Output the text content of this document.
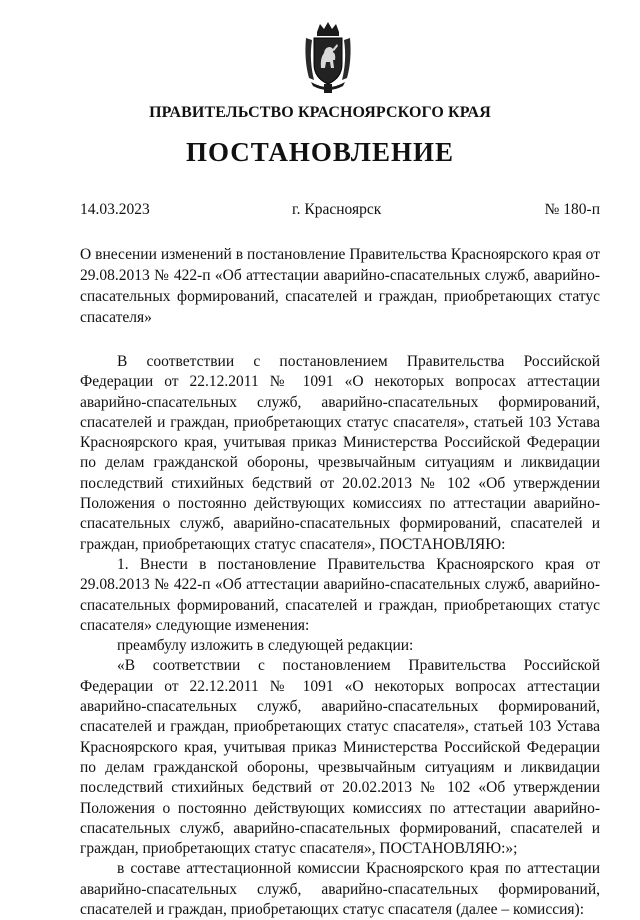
ПРАВИТЕЛЬСТВО КРАСНОЯРСКОГО КРАЯ
ПОСТАНОВЛЕНИЕ
14.03.2023	г. Красноярск	№ 180-п
О внесении изменений в постановление Правительства Красноярского края от 29.08.2013 № 422-п «Об аттестации аварийно-спасательных служб, аварийно-спасательных формирований, спасателей и граждан, приобретающих статус спасателя»

В соответствии с постановлением Правительства Российской Федерации от 22.12.2011 № 1091 «О некоторых вопросах аттестации аварийно-спасательных служб, аварийно-спасательных формирований, спасателей и граждан, приобретающих статус спасателя», статьей 103 Устава Красноярского края, учитывая приказ Министерства Российской Федерации по делам гражданской обороны, чрезвычайным ситуациям и ликвидации последствий стихийных бедствий от 20.02.2013 № 102 «Об утверждении Положения о постоянно действующих комиссиях по аттестации аварийно-спасательных служб, аварийно-спасательных формирований, спасателей и граждан, приобретающих статус спасателя», ПОСТАНОВЛЯЮ:

1. Внести в постановление Правительства Красноярского края от 29.08.2013 № 422-п «Об аттестации аварийно-спасательных служб, аварийно-спасательных формирований, спасателей и граждан, приобретающих статус спасателя» следующие изменения:

преамбулу изложить в следующей редакции:

«В соответствии с постановлением Правительства Российской Федерации от 22.12.2011 № 1091 «О некоторых вопросах аттестации аварийно-спасательных служб, аварийно-спасательных формирований, спасателей и граждан, приобретающих статус спасателя», статьей 103 Устава Красноярского края, учитывая приказ Министерства Российской Федерации по делам гражданской обороны, чрезвычайным ситуациям и ликвидации последствий стихийных бедствий от 20.02.2013 № 102 «Об утверждении Положения о постоянно действующих комиссиях по аттестации аварийно-спасательных служб, аварийно-спасательных формирований, спасателей и граждан, приобретающих статус спасателя», ПОСТАНОВЛЯЮ:»;

в составе аттестационной комиссии Красноярского края по аттестации аварийно-спасательных служб, аварийно-спасательных формирований, спасателей и граждан, приобретающих статус спасателя (далее – комиссия):
